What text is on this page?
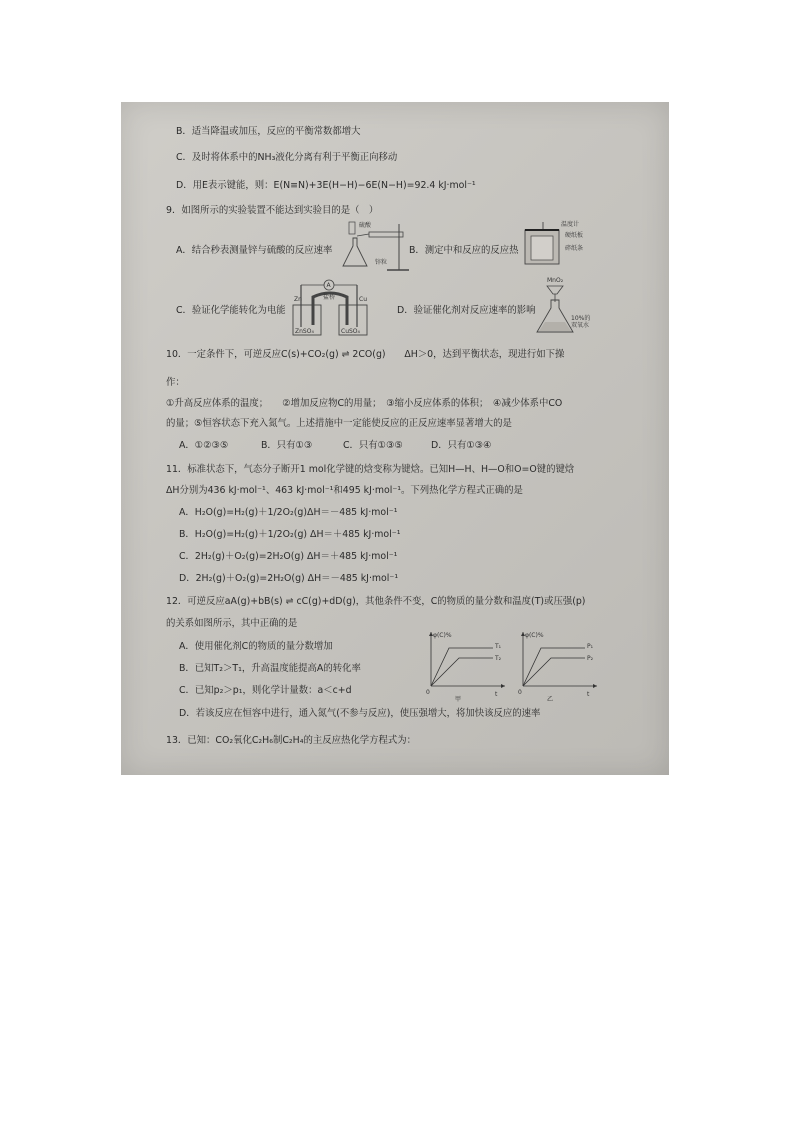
B．适当降温或加压，反应的平衡常数都增大
C．及时将体系中的NH₃液化分离有利于平衡正向移动
D．用E表示键能，则：E(N≡N)+3E(H−H)−6E(N−H)=92.4 kJ·mol⁻¹
9．如图所示的实验装置不能达到实验目的是（　）
A．结合秒表测量锌与硫酸的反应速率	B．测定中和反应的反应热
C．验证化学能转化为电能	D．验证催化剂对反应速率的影响
硫酸
锌粒
温度计
硬纸板
碎纸条
A
Zn	Cu
盐桥
ZnSO₄	CuSO₄
MnO₂
10%的
双氧水
10．一定条件下，可逆反应C(s)+CO₂(g) ⇌ 2CO(g)　　ΔH＞0，达到平衡状态，现进行如下操
作：
①升高反应体系的温度；　　②增加反应物C的用量；　③缩小反应体系的体积；　④减少体系中CO
的量；⑤恒容状态下充入氮气。上述措施中一定能使反应的正反应速率显著增大的是
A．①②③⑤	B．只有①③	C．只有①③⑤	D．只有①③④
11．标准状态下，气态分子断开1 mol化学键的焓变称为键焓。已知H—H、H—O和O=O键的键焓
ΔH分别为436 kJ·mol⁻¹、463 kJ·mol⁻¹和495 kJ·mol⁻¹。下列热化学方程式正确的是
A．H₂O(g)=H₂(g)＋1/2O₂(g)ΔH＝－485 kJ·mol⁻¹
B．H₂O(g)=H₂(g)＋1/2O₂(g) ΔH＝＋485 kJ·mol⁻¹
C．2H₂(g)＋O₂(g)=2H₂O(g) ΔH＝＋485 kJ·mol⁻¹
D．2H₂(g)＋O₂(g)=2H₂O(g) ΔH＝－485 kJ·mol⁻¹
12．可逆反应aA(g)+bB(s) ⇌ cC(g)+dD(g)，其他条件不变，C的物质的量分数和温度(T)或压强(p)
的关系如图所示，其中正确的是
A．使用催化剂C的物质的量分数增加
B．已知T₂＞T₁，升高温度能提高A的转化率
C．已知p₂＞p₁，则化学计量数：a＜c+d
D．若该反应在恒容中进行，通入氮气(不参与反应)，使压强增大，将加快该反应的速率
φ(C)%
t
0
T₁
T₂
甲
φ(C)%
t
0
P₁
P₂
乙
13．已知：CO₂氧化C₂H₆制C₂H₄的主反应热化学方程式为：
